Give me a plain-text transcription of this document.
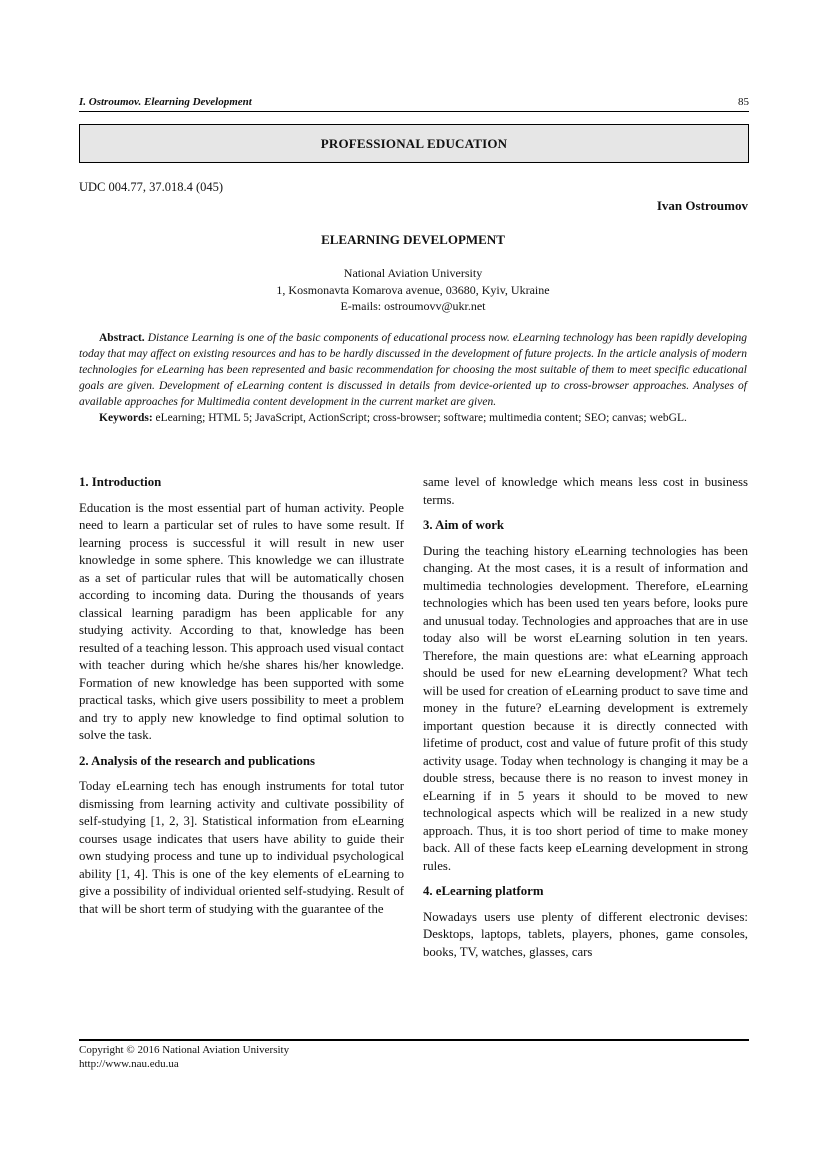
I. Ostroumov. Elearning Development	85
PROFESSIONAL EDUCATION
UDC 004.77, 37.018.4 (045)
Ivan Ostroumov
ELEARNING DEVELOPMENT
National Aviation University
1, Kosmonavta Komarova avenue, 03680, Kyiv, Ukraine
E-mails: ostroumovv@ukr.net

Abstract. Distance Learning is one of the basic components of educational process now. eLearning technology has been rapidly developing today that may affect on existing resources and has to be hardly discussed in the development of future projects. In the article analysis of modern technologies for eLearning has been represented and basic recommendation for choosing the most suitable of them to meet specific educational goals are given. Development of eLearning content is discussed in details from device-oriented up to cross-browser approaches. Analyses of available approaches for Multimedia content development in the current market are given.

Keywords: eLearning; HTML 5; JavaScript, ActionScript; cross-browser; software; multimedia content; SEO; canvas; webGL.

1. Introduction

Education is the most essential part of human activity. People need to learn a particular set of rules to have some result. If learning process is successful it will result in new user knowledge in some sphere. This knowledge we can illustrate as a set of particular rules that will be automatically chosen according to incoming data. During the thousands of years classical learning paradigm has been applicable for any studying activity. According to that, knowledge has been resulted of a teaching lesson. This approach used visual contact with teacher during which he/she shares his/her knowledge. Formation of new knowledge has been supported with some practical tasks, which give users possibility to meet a problem and try to apply new knowledge to find optimal solution to solve the task.

2. Analysis of the research and publications

Today eLearning tech has enough instruments for total tutor dismissing from learning activity and cultivate possibility of self-studying [1, 2, 3]. Statistical information from eLearning courses usage indicates that users have ability to guide their own studying process and tune up to individual psychological ability [1, 4]. This is one of the key elements of eLearning to give a possibility of individual oriented self-studying. Result of that will be short term of studying with the guarantee of the

same level of knowledge which means less cost in business terms.

3. Aim of work

During the teaching history eLearning technologies has been changing. At the most cases, it is a result of information and multimedia technologies development. Therefore, eLearning technologies which has been used ten years before, looks pure and unusual today. Technologies and approaches that are in use today also will be worst eLearning solution in ten years. Therefore, the main questions are: what eLearning approach should be used for new eLearning development? What tech will be used for creation of eLearning product to save time and money in the future? eLearning development is extremely important question because it is directly connected with lifetime of product, cost and value of future profit of this study activity usage. Today when technology is changing it may be a double stress, because there is no reason to invest money in eLearning if in 5 years it should to be moved to new technological aspects which will be realized in a new study approach. Thus, it is too short period of time to make money back. All of these facts keep eLearning development in strong rules.

4. eLearning platform

Nowadays users use plenty of different electronic devises: Desktops, laptops, tablets, players, phones, game consoles, books, TV, watches, glasses, cars

Copyright © 2016 National Aviation University
http://www.nau.edu.ua
